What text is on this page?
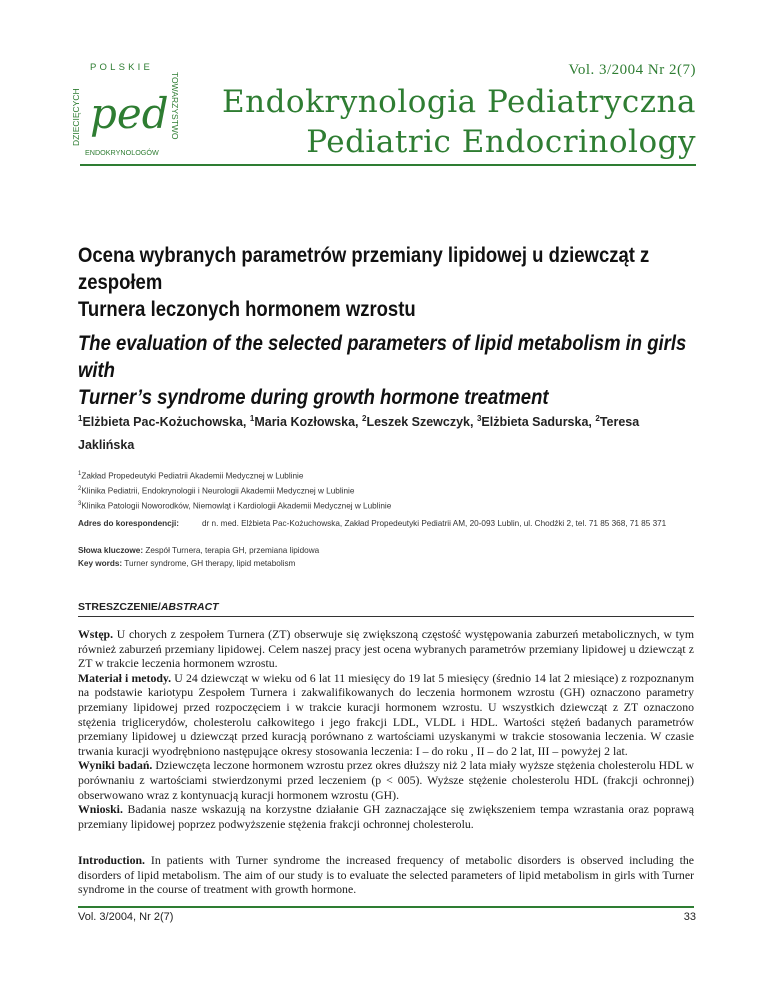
POLSKIE
DZIECIĘCYCH	TOWARZYSTWO
ENDOKRYNOLOGÓW
ped
Vol. 3/2004 Nr 2(7)
Endokrynologia Pediatryczna
Pediatric Endocrinology
Ocena wybranych parametrów przemiany lipidowej u dziewcząt z zespołem
Turnera leczonych hormonem wzrostu
The evaluation of the selected parameters of lipid metabolism in girls with
Turner’s syndrome during growth hormone treatment
$^1$Elżbieta Pac-Kożuchowska, $^1$Maria Kozłowska, $^2$Leszek Szewczyk, $^3$Elżbieta Sadurska, $^2$Teresa Jaklińska
$^1$Zakład Propedeutyki Pediatrii Akademii Medycznej w Lublinie
$^2$Klinika Pediatrii, Endokrynologii i Neurologii Akademii Medycznej w Lublinie
$^3$Klinika Patologii Noworodków, Niemowląt i Kardiologii Akademii Medycznej w Lublinie
Adres do korespondencji:	dr n. med. Elżbieta Pac-Kożuchowska, Zakład Propedeutyki Pediatrii AM, 20-093 Lublin, ul. Chodźki 2, tel. 71 85 368, 71 85 371
Słowa kluczowe: Zespół Turnera, terapia GH, przemiana lipidowa
Key words: Turner syndrome, GH therapy, lipid metabolism
STRESZCZENIE/ABSTRACT
Wstęp. U chorych z zespołem Turnera (ZT) obserwuje się zwiększoną częstość występowania zaburzeń metabolicznych, w tym również zaburzeń przemiany lipidowej. Celem naszej pracy jest ocena wybranych parametrów przemiany lipidowej u dziewcząt z ZT w trakcie leczenia hormonem wzrostu.
Materiał i metody. U 24 dziewcząt w wieku od 6 lat 11 miesięcy do 19 lat 5 miesięcy (średnio 14 lat 2 miesiące) z rozpoznanym na podstawie kariotypu Zespołem Turnera i zakwalifikowanych do leczenia hormonem wzrostu (GH) oznaczono parametry przemiany lipidowej przed rozpoczęciem i w trakcie kuracji hormonem wzrostu. U wszystkich dziewcząt z ZT oznaczono stężenia triglicerydów, cholesterolu całkowitego i jego frakcji LDL, VLDL i HDL. Wartości stężeń badanych parametrów przemiany lipidowej u dziewcząt przed kuracją porównano z wartościami uzyskanymi w trakcie stosowania leczenia. W czasie trwania kuracji wyodrębniono następujące okresy stosowania leczenia: I – do roku , II – do 2 lat, III – powyżej 2 lat.
Wyniki badań. Dziewczęta leczone hormonem wzrostu przez okres dłuższy niż 2 lata miały wyższe stężenia cholesterolu HDL w porównaniu z wartościami stwierdzonymi przed leczeniem (p < 005). Wyższe stężenie cholesterolu HDL (frakcji ochronnej) obserwowano wraz z kontynuacją kuracji hormonem wzrostu (GH).
Wnioski. Badania nasze wskazują na korzystne działanie GH zaznaczające się zwiększeniem tempa wzrastania oraz poprawą przemiany lipidowej poprzez podwyższenie stężenia frakcji ochronnej cholesterolu.
Introduction. In patients with Turner syndrome the increased frequency of metabolic disorders is observed including the disorders of lipid metabolism. The aim of our study is to evaluate the selected parameters of lipid metabolism in girls with Turner syndrome in the course of treatment with growth hormone.
Vol. 3/2004, Nr 2(7)	33
